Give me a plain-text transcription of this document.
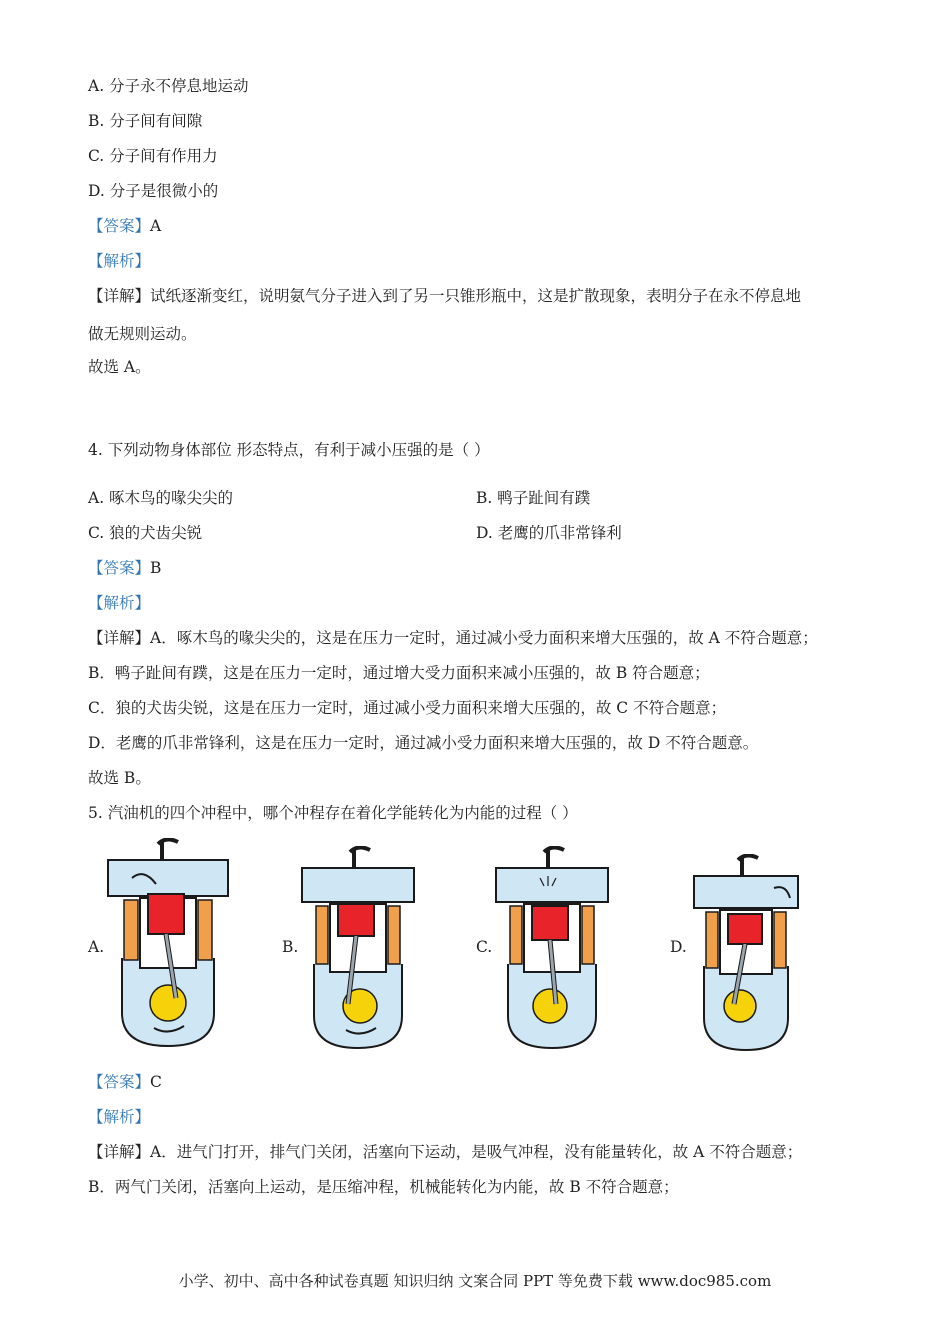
A. 分子永不停息地运动
B. 分子间有间隙
C. 分子间有作用力
D. 分子是很微小的
【答案】A
【解析】
【详解】试纸逐渐变红，说明氨气分子进入到了另一只锥形瓶中，这是扩散现象，表明分子在永不停息地
做无规则运动。
故选 A。
4. 下列动物身体部位 形态特点，有利于减小压强的是（ ）
A. 啄木鸟的喙尖尖的	B. 鸭子趾间有蹼
C. 狼的犬齿尖锐	D. 老鹰的爪非常锋利
【答案】B
【解析】
【详解】A．啄木鸟的喙尖尖的，这是在压力一定时，通过减小受力面积来增大压强的，故 A 不符合题意；
B．鸭子趾间有蹼，这是在压力一定时，通过增大受力面积来减小压强的，故 B 符合题意；
C．狼的犬齿尖锐，这是在压力一定时，通过减小受力面积来增大压强的，故 C 不符合题意；
D．老鹰的爪非常锋利，这是在压力一定时，通过减小受力面积来增大压强的，故 D 不符合题意。
故选 B。
5. 汽油机的四个冲程中，哪个冲程存在着化学能转化为内能的过程（ ）
A.	B.	C.	D.
【答案】C
【解析】
【详解】A．进气门打开，排气门关闭，活塞向下运动，是吸气冲程，没有能量转化，故 A 不符合题意；
B．两气门关闭，活塞向上运动，是压缩冲程，机械能转化为内能，故 B 不符合题意；
小学、初中、高中各种试卷真题 知识归纳 文案合同 PPT 等免费下载 www.doc985.com
